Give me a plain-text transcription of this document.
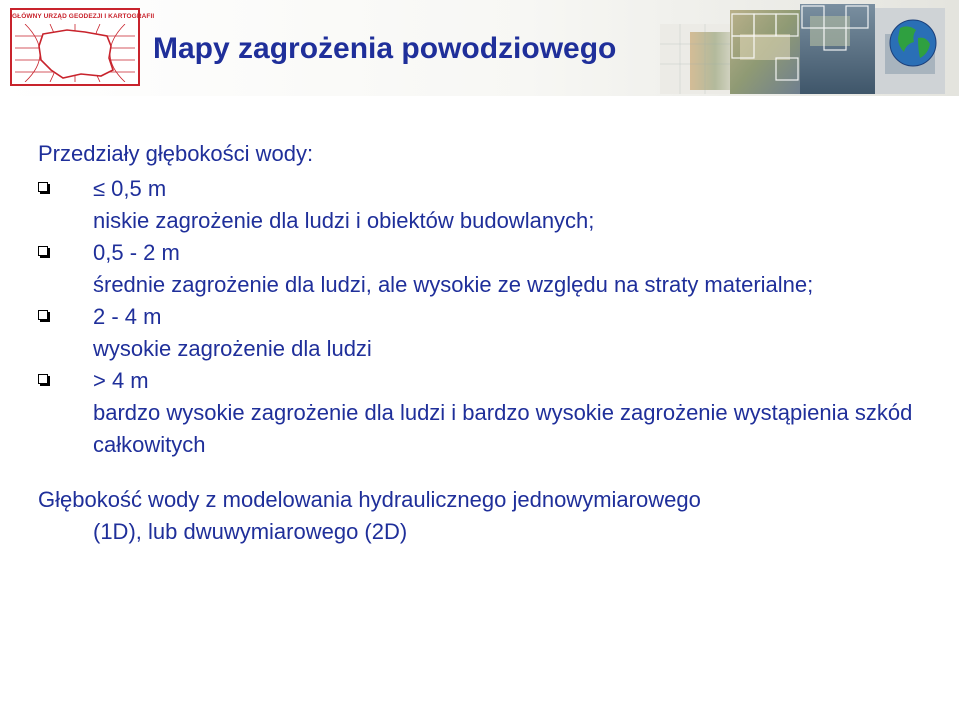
GŁÓWNY URZĄD GEODEZJI I KARTOGRAFII
Mapy zagrożenia powodziowego

Przedziały głębokości wody:

≤ 0,5 m
niskie zagrożenie dla ludzi i obiektów budowlanych;
0,5 - 2 m
średnie zagrożenie dla ludzi, ale wysokie ze względu na straty materialne;
2 - 4 m
wysokie zagrożenie dla ludzi
> 4 m
bardzo wysokie zagrożenie dla ludzi i bardzo wysokie zagrożenie wystąpienia szkód całkowitych

Głębokość wody z modelowania hydraulicznego jednowymiarowego
(1D), lub dwuwymiarowego (2D)
